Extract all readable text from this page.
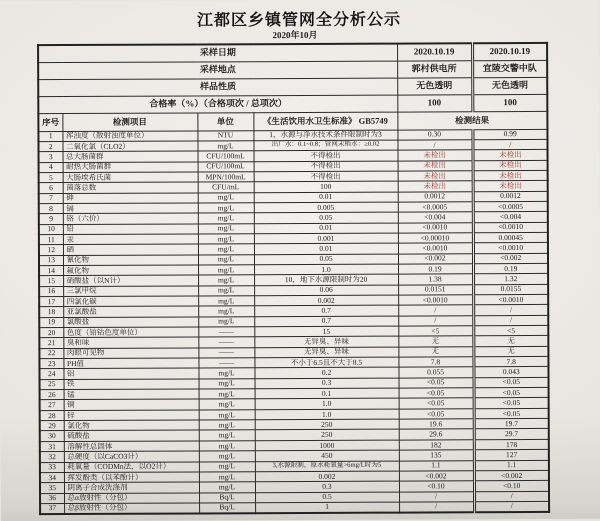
江都区乡镇管网全分析公示
2020年10月
采样日期				2020.10.19	2020.10.19
采样地点				郭村供电所	宜陵交警中队
样品性质				无色透明	无色透明
合格率（%）（合格项次 / 总项次）				100	100
序号	检测项目	单位	《生活饮用水卫生标准》 GB5749	检测结果	
1	浑浊度（散射浊度单位）	NTU	1，水源与净水技术条件限制时为3	0.30	0.99
2	二氧化氯（CLO2）	mg/L	出厂水：0.1~0.8；管网末梢水：≥0.02	/	/
3	总大肠菌群	CFU/100mL	不得检出	未检出	未检出
4	耐热大肠菌群	CFU/100mL	不得检出	未检出	未检出
5	大肠埃希氏菌	MPN/100mL	不得检出	未检出	未检出
6	菌落总数	CFU/mL	100	未检出	未检出
7	砷	mg/L	0.01	0.0012	0.0012
8	镉	mg/L	0.005	<0.0005	<0.0005
9	铬（六价）	mg/L	0.05	<0.004	<0.004
10	铅	mg/L	0.01	<0.0010	<0.0010
11	汞	mg/L	0.001	<0.00010	0.00045
12	硒	mg/L	0.01	<0.0010	<0.0010
13	氰化物	mg/L	0.05	<0.002	<0.002
14	氟化物	mg/L	1.0	0.19	0.19
15	硝酸盐（以N计）	mg/L	10，地下水源限制时为20	1.38	1.32
16	三氯甲烷	mg/L	0.06	0.0151	0.0155
17	四氯化碳	mg/L	0.002	<0.0010	<0.0010
18	亚氯酸盐	mg/L	0.7	/	/
19	氯酸盐	mg/L	0.7	/	/
20	色度（铂钴色度单位）	——	15	<5	<5
21	臭和味	——	无异臭、异味	无	无
22	肉眼可见物	——	无异臭、异味	无	无
23	PH值	——	不小于6.5且不大于8.5	7.8	7.8
24	铝	mg/L	0.2	0.055	0.043
25	铁	mg/L	0.3	<0.05	<0.05
26	锰	mg/L	0.1	<0.05	<0.05
27	铜	mg/L	1.0	<0.05	<0.05
28	锌	mg/L	1.0	<0.05	<0.05
29	氯化物	mg/L	250	19.6	19.7
30	硫酸盐	mg/L	250	29.6	29.7
31	溶解性总固体	mg/L	1000	182	178
32	总硬度（以CaCO3计）	mg/L	450	135	127
33	耗氧量（CODMn法，以O2计）	mg/L	3,水源限制，原水耗氧量>6mg/L时为5	1.1	1.1
34	挥发酚类（以苯酚计）	mg/L	0.002	<0.002	<0.002
35	阴离子合成洗涤剂	mg/L	0.3	<0.10	<0.10
36	总α放射性（分包）	Bq/L	0.5	/	/
37	总β放射性（分包）	Bq/L	1	/	/
